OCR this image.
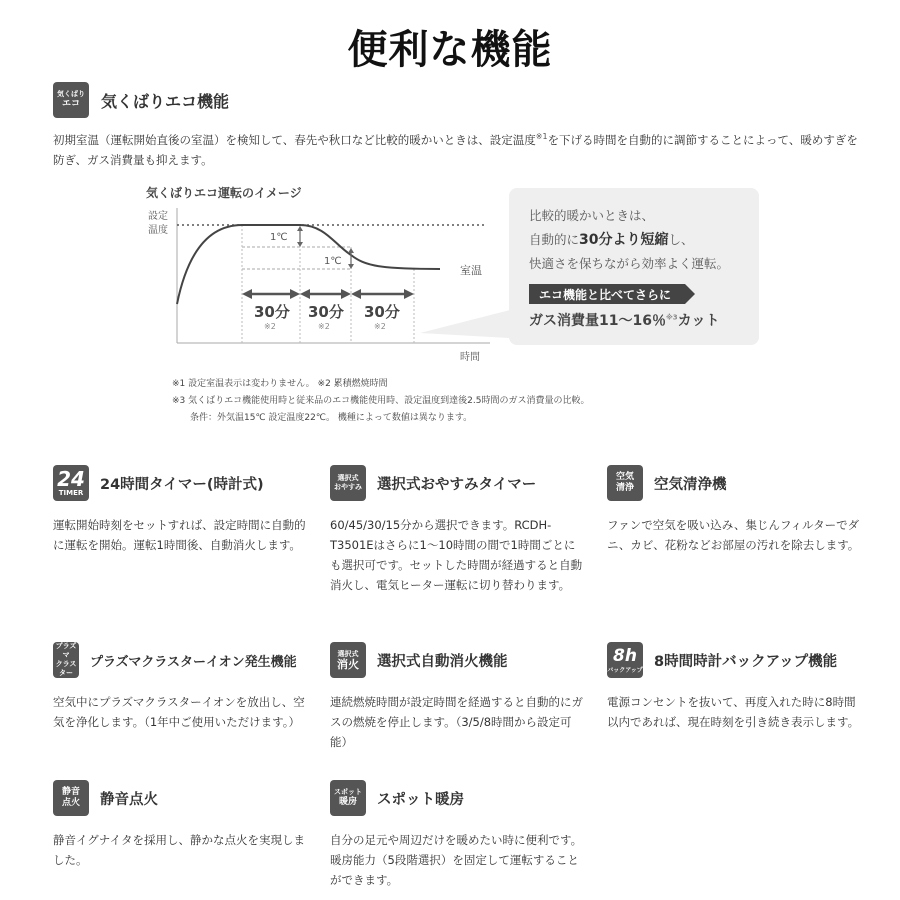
便利な機能
気くばり
エコ 気くばりエコ機能
初期室温（運転開始直後の室温）を検知して、春先や秋口など比較的暖かいときは、設定温度$^{※1}$を下げる時間を自動的に調節することによって、暖めすぎを防ぎ、ガス消費量も抑えます。
気くばりエコ運転のイメージ
1℃
1℃
30分 30分 30分
※2	※2	※2
設定
温度
室温
時間
比較的暖かいときは、
自動的に30分より短縮し、
快適さを保ちながら効率よく運転。
エコ機能と比べてさらに
ガス消費量11～16％$^{※3}$カット
※1 設定室温表示は変わりません。 ※2 累積燃焼時間
※3 気くばりエコ機能使用時と従来品のエコ機能使用時、設定温度到達後2.5時間のガス消費量の比較。
条件：外気温15℃ 設定温度22℃。 機種によって数値は異なります。
24
TIMER 24時間タイマー(時計式)
運転開始時刻をセットすれば、設定時間に自動的に運転を開始。運転1時間後、自動消火します。
選択式
おやすみ 選択式おやすみタイマー
60/45/30/15分から選択できます。RCDH-T3501Eはさらに1～10時間の間で1時間ごとにも選択可です。セットした時間が経過すると自動消火し、電気ヒーター運転に切り替わります。
空気
清浄 空気清浄機
ファンで空気を吸い込み、集じんフィルターでダニ、カビ、花粉などお部屋の汚れを除去します。
プラズマ
クラスター
プラズマクラスターイオン発生機能
空気中にプラズマクラスターイオンを放出し、空気を浄化します。（1年中ご使用いただけます。）
選択式
消火 選択式自動消火機能
連続燃焼時間が設定時間を経過すると自動的にガスの燃焼を停止します。（3/5/8時間から設定可能）
8h
バックアップ
8時間時計バックアップ機能
電源コンセントを抜いて、再度入れた時に8時間以内であれば、現在時刻を引き続き表示します。
静音
点火 静音点火
静音イグナイタを採用し、静かな点火を実現しました。
スポット
暖房 スポット暖房
自分の足元や周辺だけを暖めたい時に便利です。暖房能力（5段階選択）を固定して運転することができます。
